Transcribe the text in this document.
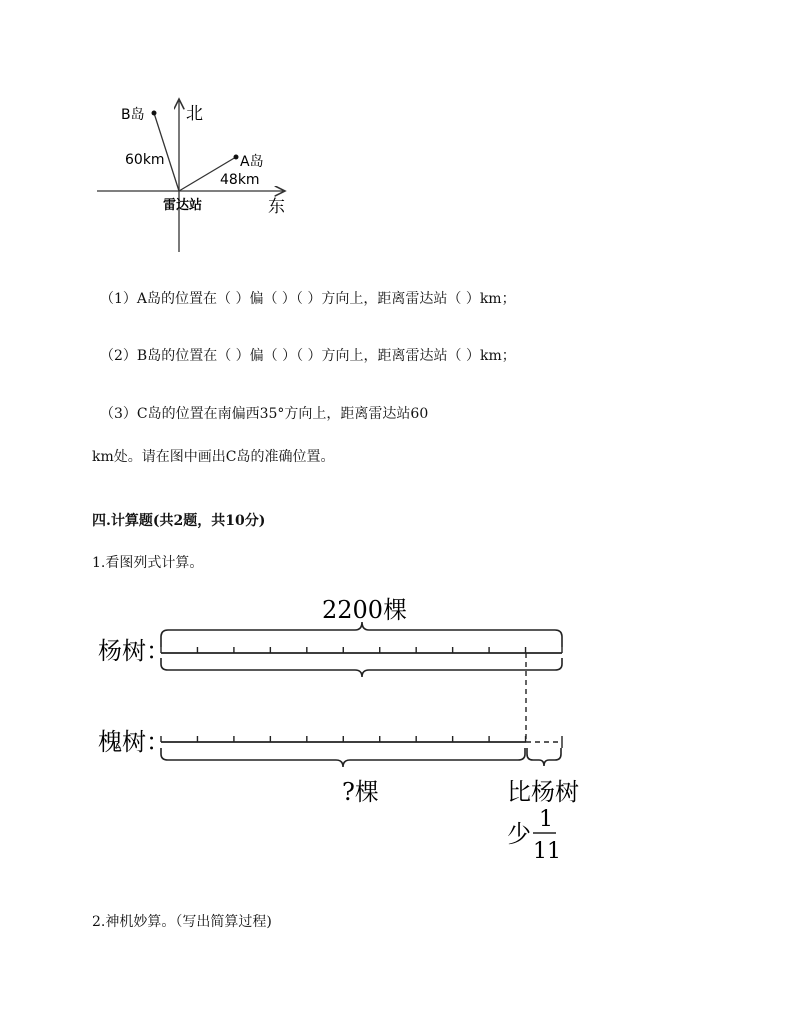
B岛 北
60km	A岛
48km
雷达站	东
（1）A岛的位置在（ ）偏（ ）（ ）方向上，距离雷达站（ ）km；
（2）B岛的位置在（ ）偏（ ）（ ）方向上，距离雷达站（ ）km；
（3）C岛的位置在南偏西35°方向上，距离雷达站60
km处。请在图中画出C岛的准确位置。
四.计算题(共2题，共10分)
1.看图列式计算。
2200棵
杨树：
槐树：
?棵	比杨树
少
1
11
2.神机妙算。（写出简算过程)
